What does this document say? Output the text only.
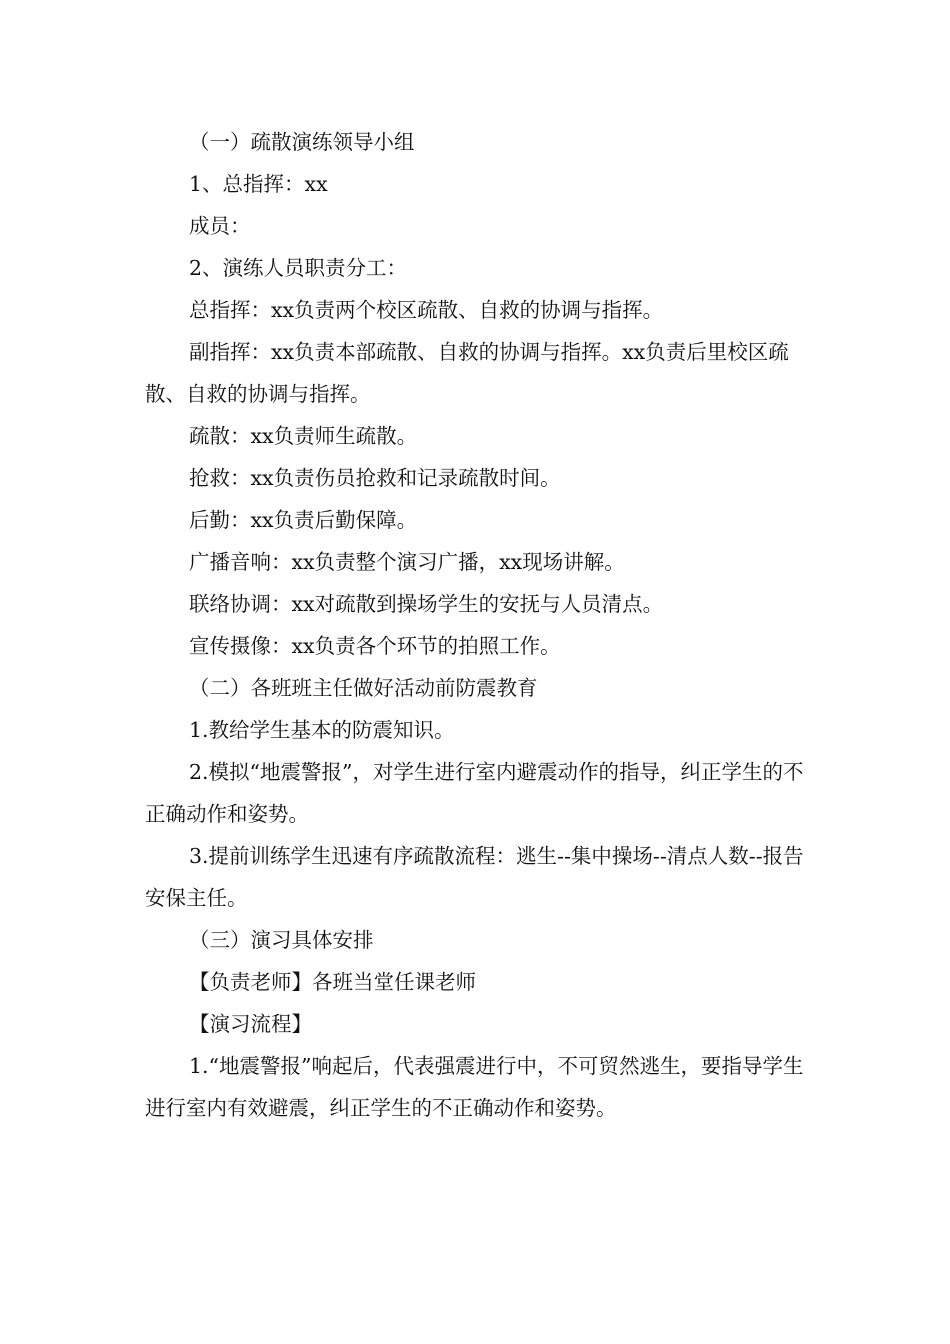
（一）疏散演练领导小组

1、总指挥：xx

成员：

2、演练人员职责分工：

总指挥：xx负责两个校区疏散、自救的协调与指挥。

副指挥：xx负责本部疏散、自救的协调与指挥。xx负责后里校区疏散、自救的协调与指挥。

疏散：xx负责师生疏散。

抢救：xx负责伤员抢救和记录疏散时间。

后勤：xx负责后勤保障。

广播音响：xx负责整个演习广播，xx现场讲解。

联络协调：xx对疏散到操场学生的安抚与人员清点。

宣传摄像：xx负责各个环节的拍照工作。

（二）各班班主任做好活动前防震教育

1.教给学生基本的防震知识。

2.模拟“地震警报”，对学生进行室内避震动作的指导，纠正学生的不正确动作和姿势。

3.提前训练学生迅速有序疏散流程：逃生--集中操场--清点人数--报告安保主任。

（三）演习具体安排

【负责老师】各班当堂任课老师

【演习流程】

1.“地震警报”响起后，代表强震进行中，不可贸然逃生，要指导学生进行室内有效避震，纠正学生的不正确动作和姿势。
